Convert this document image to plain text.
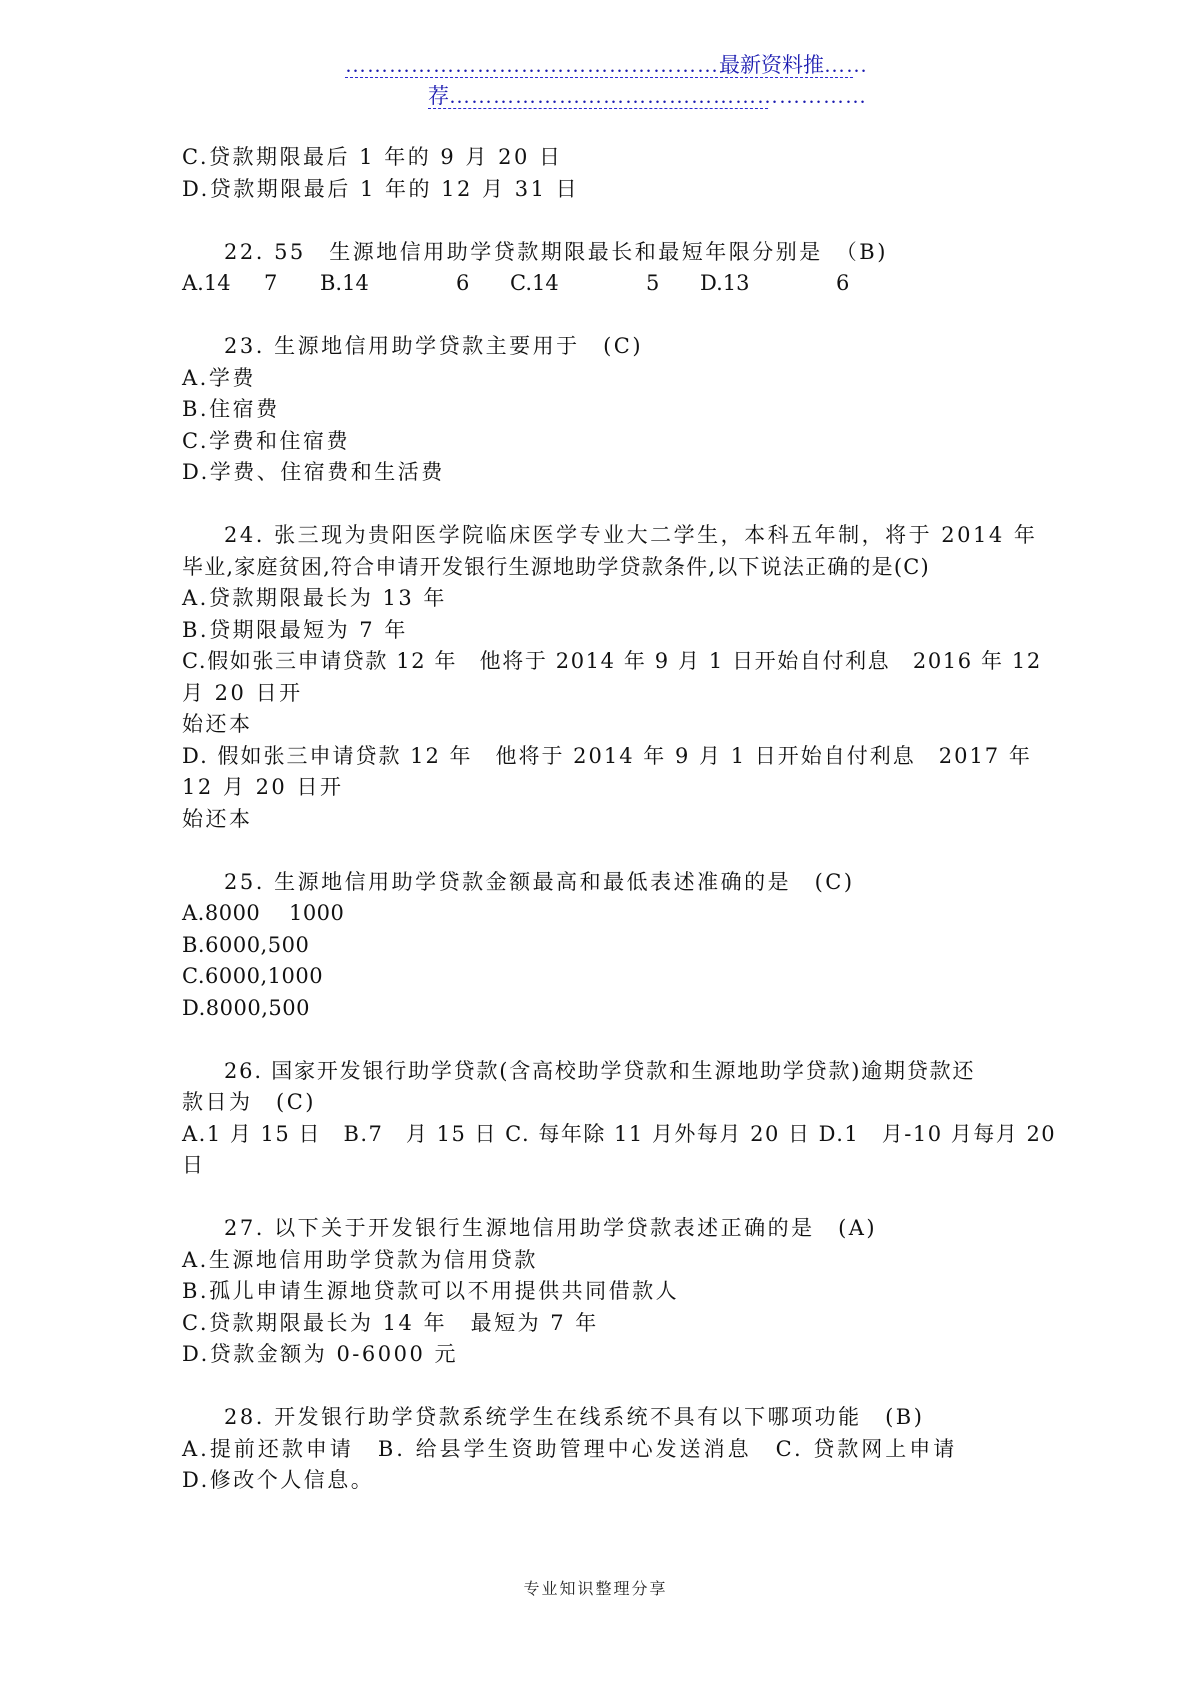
……………………………………………最新资料推……
荐…………………………………………………
C.贷款期限最后 1 年的 9 月 20 日
D.贷款期限最后 1 年的 12 月 31 日
22. 55　生源地信用助学贷款期限最长和最短年限分别是　（B)
A.14	7	B.14	6	C.14	5	D.13	6
23. 生源地信用助学贷款主要用于　(C)
A.学费
B.住宿费
C.学费和住宿费
D.学费、住宿费和生活费
24. 张三现为贵阳医学院临床医学专业大二学生，本科五年制，将于 2014 年
毕业,家庭贫困,符合申请开发银行生源地助学贷款条件,以下说法正确的是(C)
A.贷款期限最长为 13 年
B.贷期限最短为 7 年
C.假如张三申请贷款 12 年　他将于 2014 年 9 月 1 日开始自付利息　2016 年 12
月 20 日开
始还本
D. 假如张三申请贷款 12 年　他将于 2014 年 9 月 1 日开始自付利息　2017 年
12 月 20 日开
始还本
25. 生源地信用助学贷款金额最高和最低表述准确的是　(C)
A.8000　 1000
B.6000,500
C.6000,1000
D.8000,500
26. 国家开发银行助学贷款(含高校助学贷款和生源地助学贷款)逾期贷款还
款日为　(C)
A.1 月 15 日　B.7　月 15 日 C. 每年除 11 月外每月 20 日 D.1　月-10 月每月 20
日
27. 以下关于开发银行生源地信用助学贷款表述正确的是　(A)
A.生源地信用助学贷款为信用贷款
B.孤儿申请生源地贷款可以不用提供共同借款人
C.贷款期限最长为 14 年　最短为 7 年
D.贷款金额为 0-6000 元
28. 开发银行助学贷款系统学生在线系统不具有以下哪项功能　(B)
A.提前还款申请　B. 给县学生资助管理中心发送消息　C. 贷款网上申请
D.修改个人信息。
专业知识整理分享
